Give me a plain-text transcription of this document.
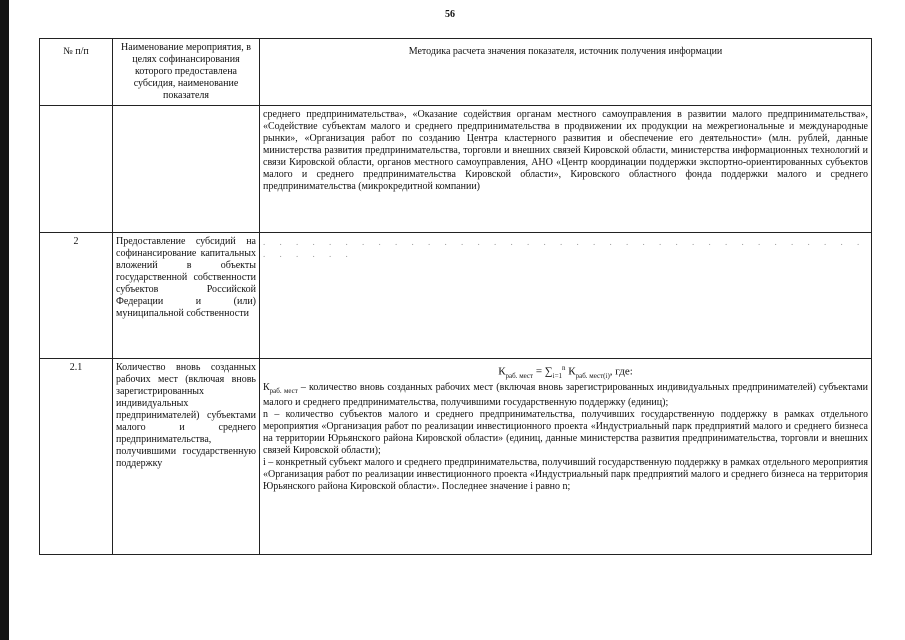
56
№ п/п	Наименование мероприятия, в целях софинансирования которого предоставлена субсидия, наименование показателя	Методика расчета значения показателя, источник получения информации
		среднего предпринимательства», «Оказание содействия органам местного самоуправления в развитии малого предпринимательства», «Содействие субъектам малого и среднего предпринимательства в продвижении их продукции на межрегиональные и международные рынки», «Организация работ по созданию Центра кластерного развития и обеспечение его деятельности» (млн. рублей, данные министерства развития предпринимательства, торговли и внешних связей Кировской области, министерства информационных технологий и связи Кировской области, органов местного самоуправления, АНО «Центр координации поддержки экспортно-ориентированных субъектов малого и среднего предпринимательства Кировской области», Кировского областного фонда поддержки малого и среднего предпринимательства (микрокредитной компании)
2	Предоставление субсидий на софинансирование капитальных вложений в объекты государственной собственности субъектов Российской Федерации и (или) муниципальной собственности	. . . . . . . . . . . . . . . . . . . . . . . . . . . . . . . . . . . . . . . . . . .
2.1	Количество вновь созданных рабочих мест (включая вновь зарегистрированных индивидуальных предпринимателей) субъектами малого и среднего предпринимательства, получившими государственную поддержку	$К_{раб. мест} = \sum_{i=1}^n$ $К_{раб. мест(i)}$, где:
$К_{раб. мест}$ – количество вновь созданных рабочих мест (включая вновь зарегистрированных индивидуальных предпринимателей) субъектами малого и среднего предпринимательства, получившими государственную поддержку (единиц);
n – количество субъектов малого и среднего предпринимательства, получивших государственную поддержку в рамках отдельного мероприятия «Организация работ по реализации инвестиционного проекта «Индустриальный парк предприятий малого и среднего бизнеса на территории Юрьянского района Кировской области» (единиц, данные министерства развития предпринимательства, торговли и внешних связей Кировской области);
i – конкретный субъект малого и среднего предпринимательства, получивший государственную поддержку в рамках отдельного мероприятия «Организация работ по реализации инвестиционного проекта «Индустриальный парк предприятий малого и среднего бизнеса на территория Юрьянского района Кировской области». Последнее значение i равно n;
